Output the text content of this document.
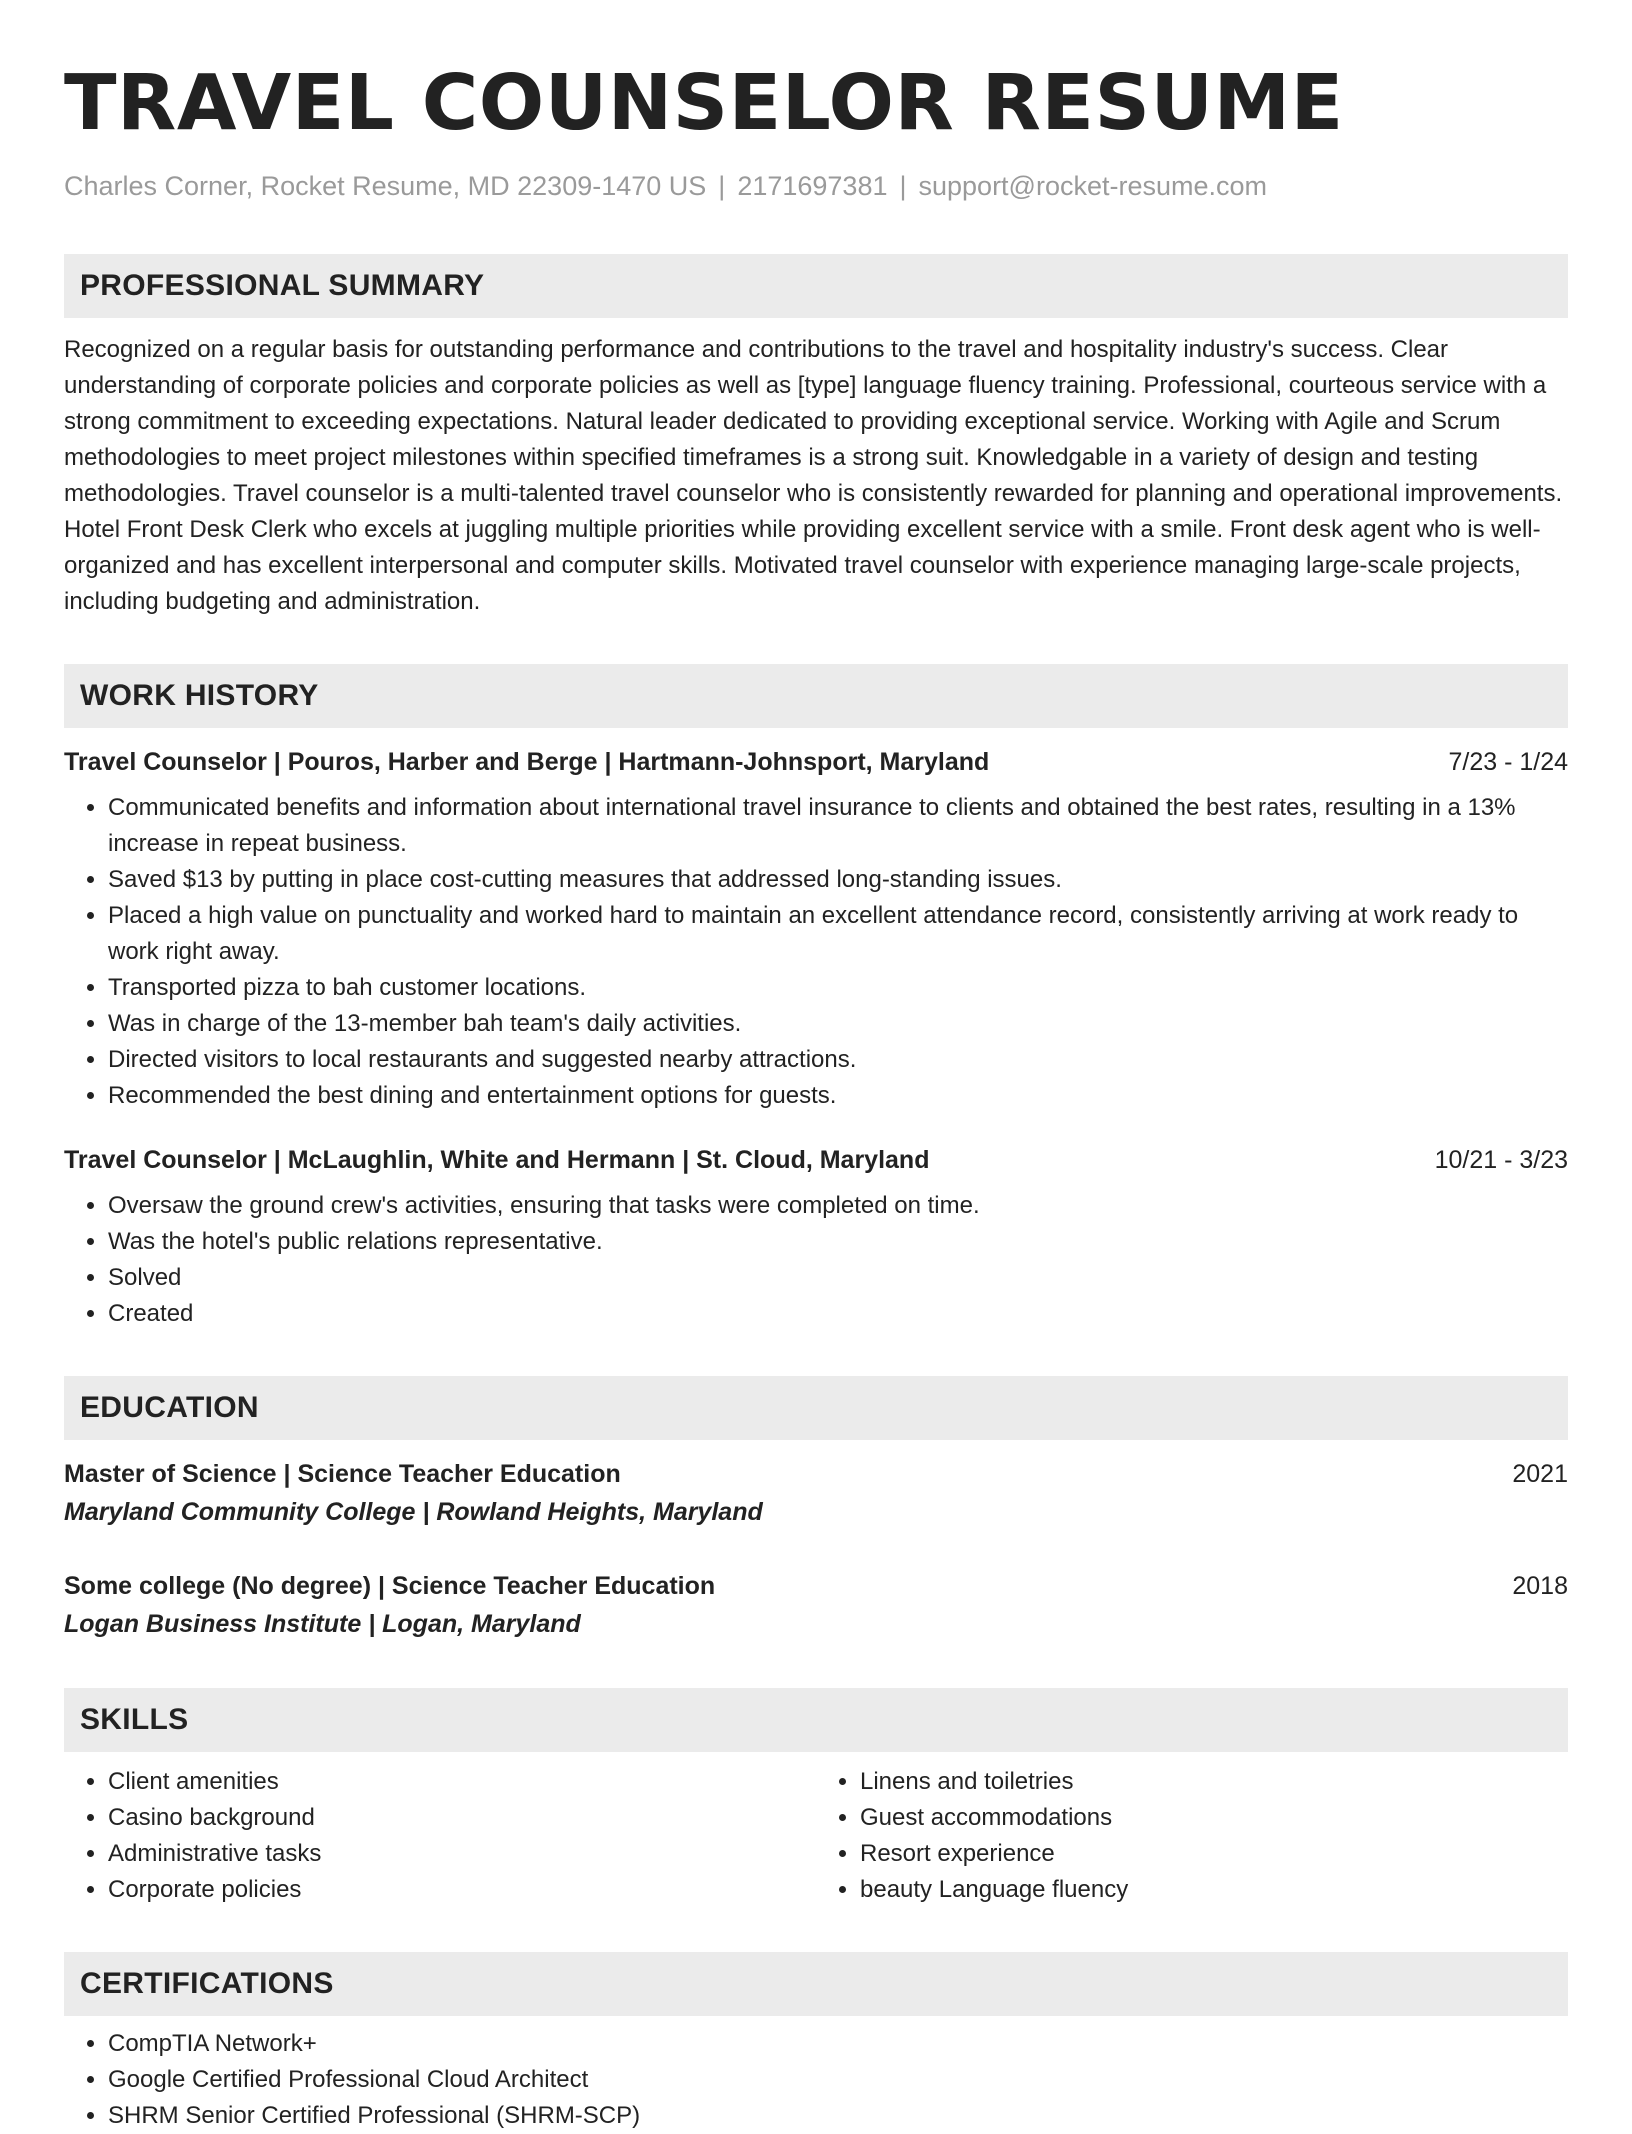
TRAVEL COUNSELOR RESUME
Charles Corner, Rocket Resume, MD 22309-1470 US | 2171697381 | support@rocket-resume.com
PROFESSIONAL SUMMARY
Recognized on a regular basis for outstanding performance and contributions to the travel and hospitality industry's success. Clear understanding of corporate policies and corporate policies as well as [type] language fluency training. Professional, courteous service with a strong commitment to exceeding expectations. Natural leader dedicated to providing exceptional service. Working with Agile and Scrum methodologies to meet project milestones within specified timeframes is a strong suit. Knowledgable in a variety of design and testing methodologies. Travel counselor is a multi-talented travel counselor who is consistently rewarded for planning and operational improvements. Hotel Front Desk Clerk who excels at juggling multiple priorities while providing excellent service with a smile. Front desk agent who is well-organized and has excellent interpersonal and computer skills. Motivated travel counselor with experience managing large-scale projects, including budgeting and administration.
WORK HISTORY
Travel Counselor | Pouros, Harber and Berge | Hartmann-Johnsport, Maryland	7/23 - 1/24
• Communicated benefits and information about international travel insurance to clients and obtained the best rates, resulting in a 13% increase in repeat business.
• Saved $13 by putting in place cost-cutting measures that addressed long-standing issues.
• Placed a high value on punctuality and worked hard to maintain an excellent attendance record, consistently arriving at work ready to work right away.
• Transported pizza to bah customer locations.
• Was in charge of the 13-member bah team's daily activities.
• Directed visitors to local restaurants and suggested nearby attractions.
• Recommended the best dining and entertainment options for guests.
Travel Counselor | McLaughlin, White and Hermann | St. Cloud, Maryland	10/21 - 3/23
• Oversaw the ground crew's activities, ensuring that tasks were completed on time.
• Was the hotel's public relations representative.
• Solved
• Created
EDUCATION
Master of Science | Science Teacher Education	2021
Maryland Community College | Rowland Heights, Maryland
Some college (No degree) | Science Teacher Education	2018
Logan Business Institute | Logan, Maryland
SKILLS
• Client amenities
• Casino background
• Administrative tasks
• Corporate policies
• Linens and toiletries
• Guest accommodations
• Resort experience
• beauty Language fluency
CERTIFICATIONS
• CompTIA Network+
• Google Certified Professional Cloud Architect
• SHRM Senior Certified Professional (SHRM-SCP)
